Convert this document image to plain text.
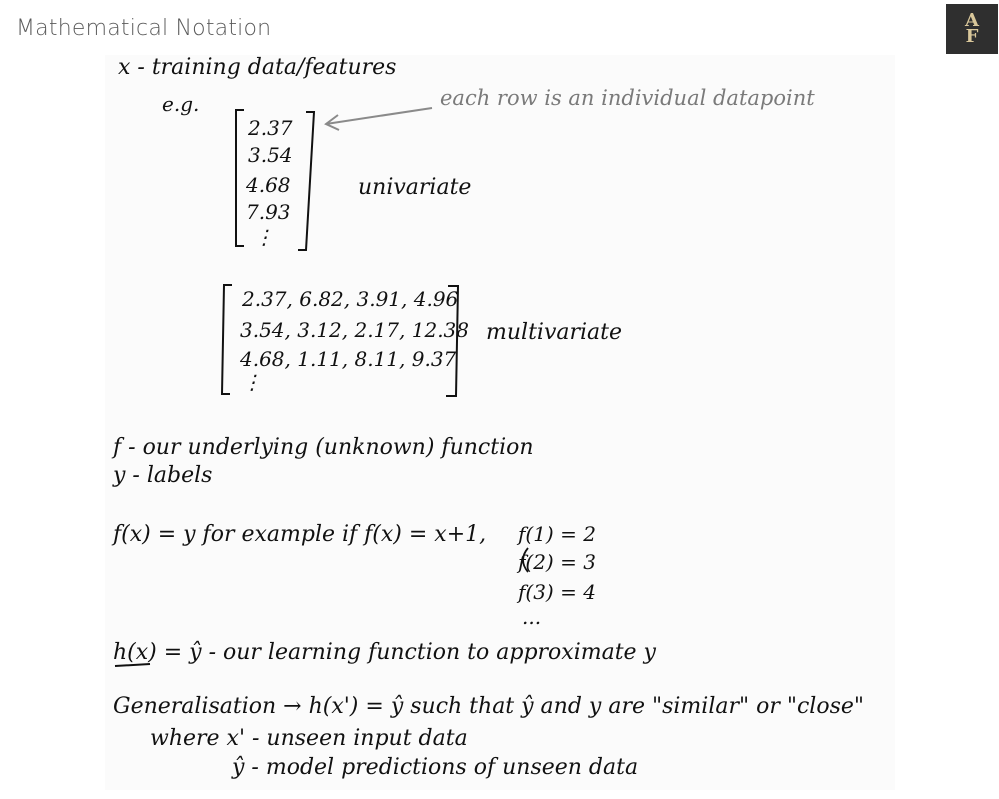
Mathematical Notation	A
F
x - training data/features
e.g.	each row is an individual datapoint
2.37
3.54
4.68
7.93
⋮
univariate
2.37, 6.82, 3.91, 4.96
3.54, 3.12, 2.17, 12.38
4.68, 1.11, 8.11, 9.37
⋮
multivariate
f - our underlying (unknown) function
y - labels
f(x) = y for example if f(x) = x+1, f(1) = 2
f(2) = 3
f(3) = 4
...
h(x) = ŷ - our learning function to approximate y
Generalisation → h(x') = ŷ such that ŷ and y are "similar" or "close"
where x' - unseen input data
ŷ - model predictions of unseen data
